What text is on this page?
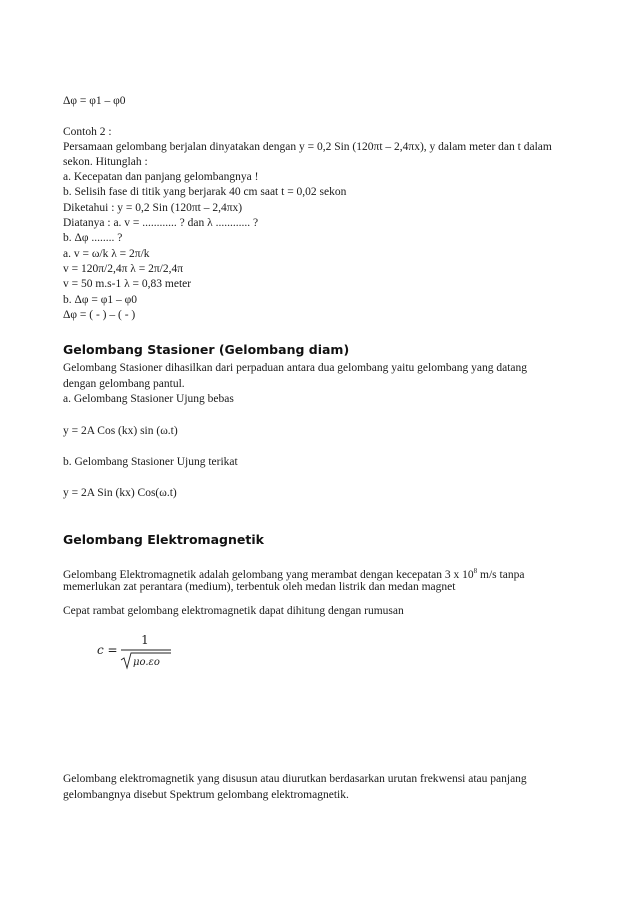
Δφ = φ1 – φ0
Contoh 2 :
Persamaan gelombang berjalan dinyatakan dengan y = 0,2 Sin (120πt – 2,4πx), y dalam meter dan t dalam
sekon. Hitunglah :
a. Kecepatan dan panjang gelombangnya !
b. Selisih fase di titik yang berjarak 40 cm saat t = 0,02 sekon
Diketahui : y = 0,2 Sin (120πt – 2,4πx)
Diatanya : a. v = ............ ? dan λ ............ ?
b. Δφ ........ ?
a. v = ω/k λ = 2π/k
v = 120π/2,4π λ = 2π/2,4π
v = 50 m.s-1 λ = 0,83 meter
b. Δφ = φ1 – φ0
Δφ = ( - ) – ( - )
Gelombang Stasioner (Gelombang diam)
Gelombang Stasioner dihasilkan dari perpaduan antara dua gelombang yaitu gelombang yang datang
dengan gelombang pantul.
a. Gelombang Stasioner Ujung bebas
y = 2A Cos (kx) sin (ω.t)
b. Gelombang Stasioner Ujung terikat
y = 2A Sin (kx) Cos(ω.t)
Gelombang Elektromagnetik
Gelombang Elektromagnetik adalah gelombang yang merambat dengan kecepatan 3 x $10^8$ m/s tanpa
memerlukan zat perantara (medium), terbentuk oleh medan listrik dan medan magnet
Cepat rambat gelombang elektromagnetik dapat dihitung dengan rumusan
c =
1
μo.εo
Gelombang elektromagnetik yang disusun atau diurutkan berdasarkan urutan frekwensi atau panjang
gelombangnya disebut Spektrum gelombang elektromagnetik.
